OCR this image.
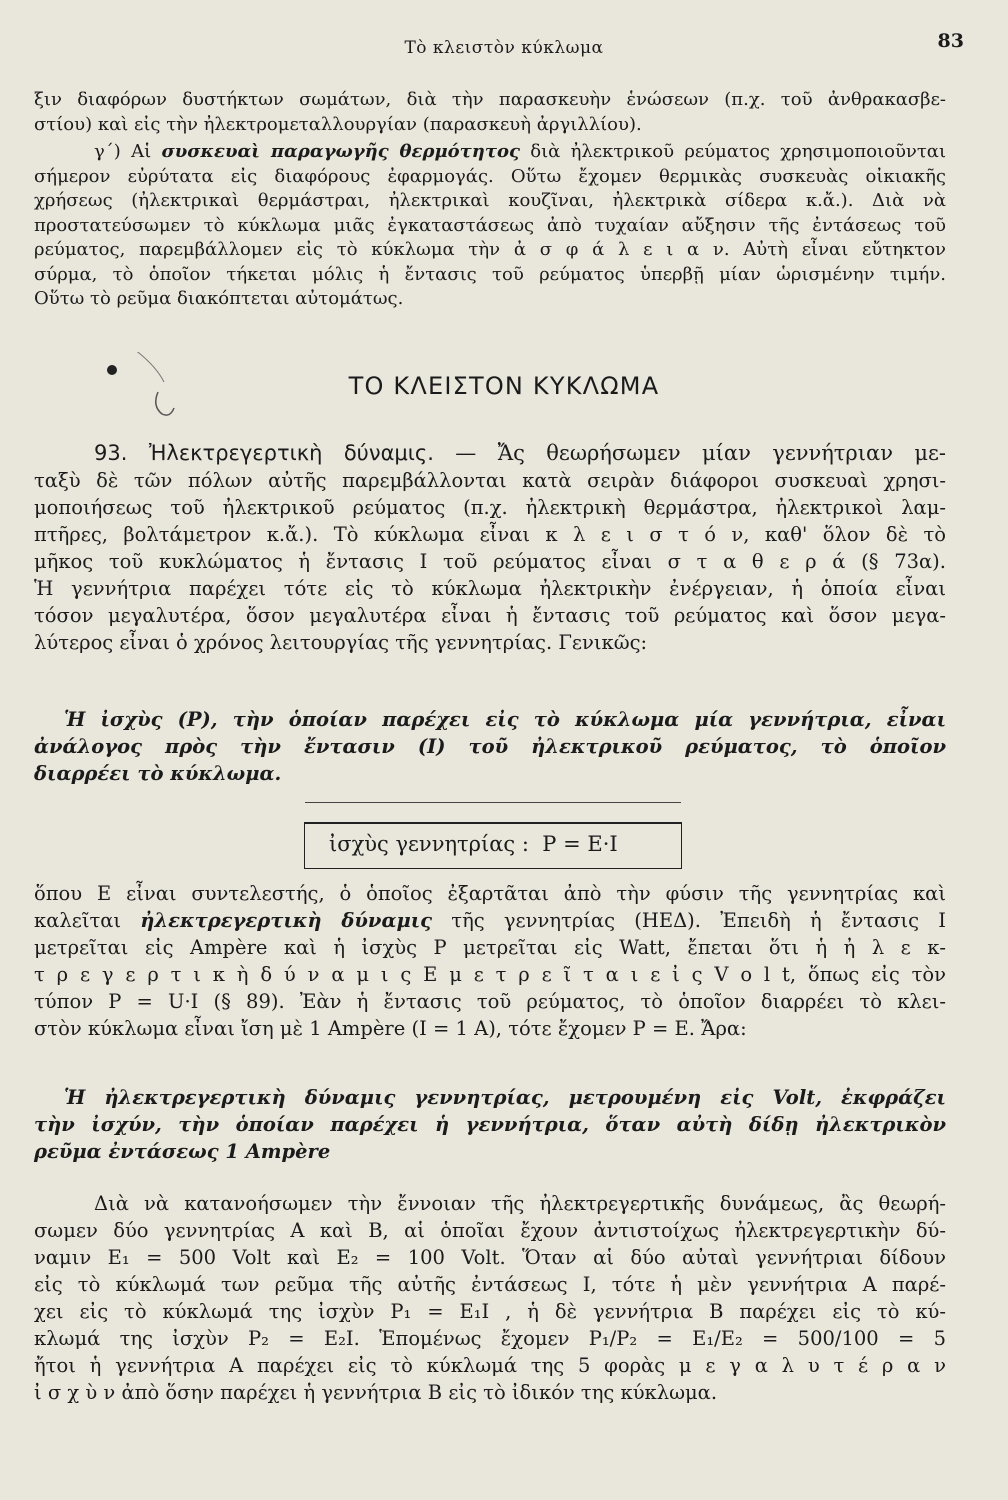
Τὸ κλειστὸν κύκλωμα	83
ξιν διαφόρων δυστήκτων σωμάτων, διὰ τὴν παρασκευὴν ἑνώσεων (π.χ. τοῦ ἀνθρακασβε-
στίου) καὶ εἰς τὴν ἠλεκτρομεταλλουργίαν (παρασκευὴ ἀργιλλίου).
γ΄) Αἱ συσκευαὶ παραγωγῆς θερμότητος διὰ ἠλεκτρικοῦ ρεύματος χρησιμοποιοῦνται
σήμερον εὐρύτατα εἰς διαφόρους ἐφαρμογάς. Οὕτω ἔχομεν θερμικὰς συσκευὰς οἰκιακῆς
χρήσεως (ἠλεκτρικαὶ θερμάστραι, ἠλεκτρικαὶ κουζῖναι, ἠλεκτρικὰ σίδερα κ.ἄ.). Διὰ νὰ
προστατεύσωμεν τὸ κύκλωμα μιᾶς ἐγκαταστάσεως ἀπὸ τυχαίαν αὔξησιν τῆς ἐντάσεως τοῦ
ρεύματος, παρεμβάλλομεν εἰς τὸ κύκλωμα τὴν ἀ σ φ ά λ ε ι α ν. Αὐτὴ εἶναι εὔτηκτον
σύρμα, τὸ ὁποῖον τήκεται μόλις ἡ ἔντασις τοῦ ρεύματος ὑπερβῇ μίαν ὡρισμένην τιμήν.
Οὕτω τὸ ρεῦμα διακόπτεται αὐτομάτως.
ΤΟ ΚΛΕΙΣΤΟΝ ΚΥΚΛΩΜΑ
93. Ἠλεκτρεγερτικὴ δύναμις. — Ἄς θεωρήσωμεν μίαν γεννήτριαν με-
ταξὺ δὲ τῶν πόλων αὐτῆς παρεμβάλλονται κατὰ σειρὰν διάφοροι συσκευαὶ χρησι-
μοποιήσεως τοῦ ἠλεκτρικοῦ ρεύματος (π.χ. ἠλεκτρικὴ θερμάστρα, ἠλεκτρικοὶ λαμ-
πτῆρες, βολτάμετρον κ.ἄ.). Τὸ κύκλωμα εἶναι κ λ ε ι σ τ ό ν, καθ' ὅλον δὲ τὸ
μῆκος τοῦ κυκλώματος ἡ ἔντασις I τοῦ ρεύματος εἶναι σ τ α θ ε ρ ά (§ 73α).
Ἡ γεννήτρια παρέχει τότε εἰς τὸ κύκλωμα ἠλεκτρικὴν ἐνέργειαν, ἡ ὁποία εἶναι
τόσον μεγαλυτέρα, ὅσον μεγαλυτέρα εἶναι ἡ ἔντασις τοῦ ρεύματος καὶ ὅσον μεγα-
λύτερος εἶναι ὁ χρόνος λειτουργίας τῆς γεννητρίας. Γενικῶς:
Ἡ ἰσχὺς (P), τὴν ὁποίαν παρέχει εἰς τὸ κύκλωμα μία γεννήτρια, εἶναι
ἀνάλογος πρὸς τὴν ἔντασιν (I) τοῦ ἠλεκτρικοῦ ρεύματος, τὸ ὁποῖον
διαρρέει τὸ κύκλωμα.
ἰσχὺς γεννητρίας : P = E·I
ὅπου E εἶναι συντελεστής, ὁ ὁποῖος ἐξαρτᾶται ἀπὸ τὴν φύσιν τῆς γεννητρίας καὶ
καλεῖται ἠλεκτρεγερτικὴ δύναμις τῆς γεννητρίας (ΗΕΔ). Ἐπειδὴ ἡ ἔντασις I
μετρεῖται εἰς Ampère καὶ ἡ ἰσχὺς P μετρεῖται εἰς Watt, ἔπεται ὅτι ἡ ἠ λ ε κ-
τ ρ ε γ ε ρ τ ι κ ὴ δ ύ ν α μ ι ς E μ ε τ ρ ε ῖ τ α ι ε ἰ ς V o l t, ὅπως εἰς τὸν
τύπον P = U·I (§ 89). Ἐὰν ἡ ἔντασις τοῦ ρεύματος, τὸ ὁποῖον διαρρέει τὸ κλει-
στὸν κύκλωμα εἶναι ἴση μὲ 1 Ampère (I = 1 A), τότε ἔχομεν P = E. Ἄρα:
Ἡ ἠλεκτρεγερτικὴ δύναμις γεννητρίας, μετρουμένη εἰς Volt, ἐκφράζει
τὴν ἰσχύν, τὴν ὁποίαν παρέχει ἡ γεννήτρια, ὅταν αὐτὴ δίδῃ ἠλεκτρικὸν
ρεῦμα ἐντάσεως 1 Ampère
Διὰ νὰ κατανοήσωμεν τὴν ἔννοιαν τῆς ἠλεκτρεγερτικῆς δυνάμεως, ἂς θεωρή-
σωμεν δύο γεννητρίας A καὶ B, αἱ ὁποῖαι ἔχουν ἀντιστοίχως ἠλεκτρεγερτικὴν δύ-
ναμιν E₁ = 500 Volt καὶ E₂ = 100 Volt. Ὅταν αἱ δύο αὐταὶ γεννήτριαι δίδουν
εἰς τὸ κύκλωμά των ρεῦμα τῆς αὐτῆς ἐντάσεως I, τότε ἡ μὲν γεννήτρια A παρέ-
χει εἰς τὸ κύκλωμά της ἰσχὺν P₁ = E₁I , ἡ δὲ γεννήτρια B παρέχει εἰς τὸ κύ-
κλωμά της ἰσχὺν P₂ = E₂I. Ἑπομένως ἔχομεν P₁/P₂ = E₁/E₂ = 500/100 = 5
ἤτοι ἡ γεννήτρια A παρέχει εἰς τὸ κύκλωμά της 5 φορὰς μ ε γ α λ υ τ έ ρ α ν
ἰ σ χ ὺ ν ἀπὸ ὅσην παρέχει ἡ γεννήτρια B εἰς τὸ ἰδικόν της κύκλωμα.
